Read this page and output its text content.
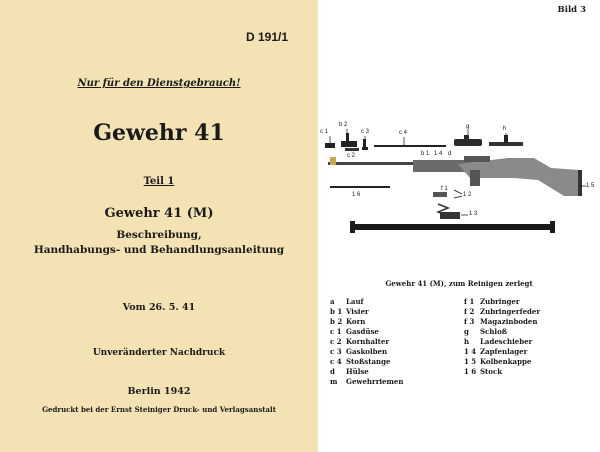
D 191/1
Nur für den Dienstgebrauch!
Gewehr 41
Teil 1
Gewehr 41 (M)
Beschreibung,
Handhabungs- und Behandlungsanleitung
Vom 26. 5. 41
Unveränderter Nachdruck
Berlin 1942
Gedruckt bei der Ernst Steiniger Druck- und Verlagsanstalt
Bild 3
c 1
b 2
c 3	c 4
g	h
c 2	b 1 1 4 d
1 5
1 6
f 1
1 2
1 3
Gewehr 41 (M), zum Reinigen zerlegt
a Lauf
b 1 Visier
b 2 Korn
c 1 Gasdüse
c 2 Kornhalter
c 3 Gaskolben
c 4 Stoßstange
d Hülse
m Gewehrriemen
f 1 Zubringer
f 2 Zubringerfeder
f 3 Magazinboden
g Schloß
h Ladeschieber
1 4 Zapfenlager
1 5 Kolbenkappe
1 6 Stock
